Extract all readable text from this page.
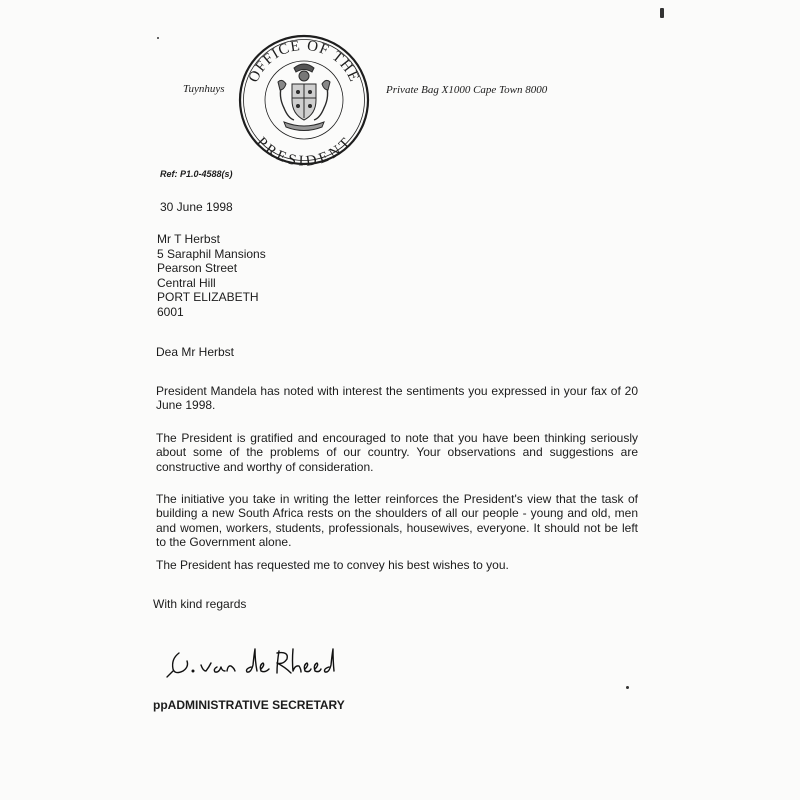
Tuynhuys
OFFICE OF THE
PRESIDENT
Private Bag X1000 Cape Town 8000
Ref: P1.0-4588(s)
30 June 1998
Mr T Herbst
5 Saraphil Mansions
Pearson Street
Central Hill
PORT ELIZABETH
6001
Dea Mr Herbst

President Mandela has noted with interest the sentiments you expressed in your fax of 20 June 1998.

The President is gratified and encouraged to note that you have been thinking seriously about some of the problems of our country. Your observations and suggestions are constructive and worthy of consideration.

The initiative you take in writing the letter reinforces the President's view that the task of building a new South Africa rests on the shoulders of all our people - young and old, men and women, workers, students, professionals, housewives, everyone. It should not be left to the Government alone.

The President has requested me to convey his best wishes to you.

With kind regards
ppADMINISTRATIVE SECRETARY
